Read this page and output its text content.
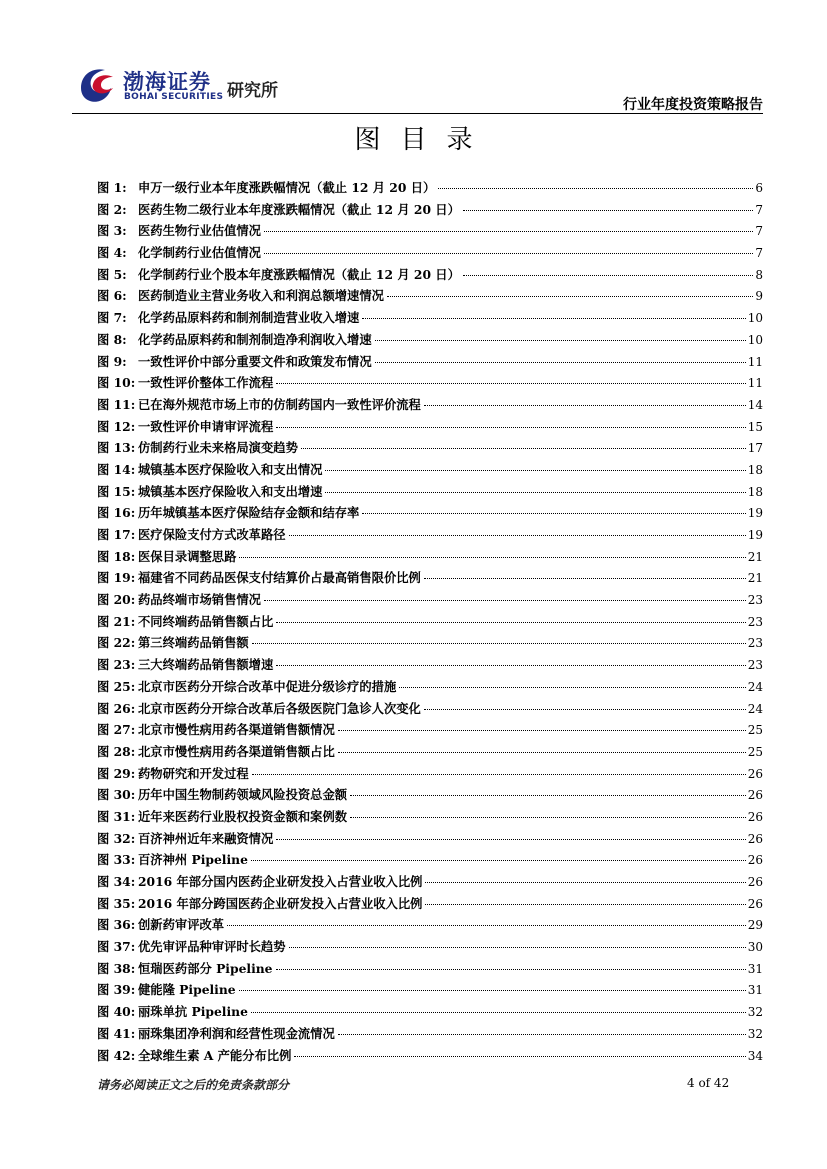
渤海证券
BOHAI SECURITIES 研究所
行业年度投资策略报告
图目录
图 1: 申万一级行业本年度涨跌幅情况（截止 12 月 20 日）	6
图 2: 医药生物二级行业本年度涨跌幅情况（截止 12 月 20 日）	7
图 3: 医药生物行业估值情况	7
图 4: 化学制药行业估值情况	7
图 5: 化学制药行业个股本年度涨跌幅情况（截止 12 月 20 日）	8
图 6: 医药制造业主营业务收入和利润总额增速情况	9
图 7: 化学药品原料药和制剂制造营业收入增速	10
图 8: 化学药品原料药和制剂制造净利润收入增速	10
图 9: 一致性评价中部分重要文件和政策发布情况	11
图 10: 一致性评价整体工作流程	11
图 11: 已在海外规范市场上市的仿制药国内一致性评价流程	14
图 12: 一致性评价申请审评流程	15
图 13: 仿制药行业未来格局演变趋势	17
图 14: 城镇基本医疗保险收入和支出情况	18
图 15: 城镇基本医疗保险收入和支出增速	18
图 16: 历年城镇基本医疗保险结存金额和结存率	19
图 17: 医疗保险支付方式改革路径	19
图 18: 医保目录调整思路	21
图 19: 福建省不同药品医保支付结算价占最高销售限价比例	21
图 20: 药品终端市场销售情况	23
图 21: 不同终端药品销售额占比	23
图 22: 第三终端药品销售额	23
图 23: 三大终端药品销售额增速	23
图 25: 北京市医药分开综合改革中促进分级诊疗的措施	24
图 26: 北京市医药分开综合改革后各级医院门急诊人次变化	24
图 27: 北京市慢性病用药各渠道销售额情况	25
图 28: 北京市慢性病用药各渠道销售额占比	25
图 29: 药物研究和开发过程	26
图 30: 历年中国生物制药领域风险投资总金额	26
图 31: 近年来医药行业股权投资金额和案例数	26
图 32: 百济神州近年来融资情况	26
图 33: 百济神州 Pipeline	26
图 34: 2016 年部分国内医药企业研发投入占营业收入比例	26
图 35: 2016 年部分跨国医药企业研发投入占营业收入比例	26
图 36: 创新药审评改革	29
图 37: 优先审评品种审评时长趋势	30
图 38: 恒瑞医药部分 Pipeline	31
图 39: 健能隆 Pipeline	31
图 40: 丽珠单抗 Pipeline	32
图 41: 丽珠集团净利润和经营性现金流情况	32
图 42: 全球维生素 A 产能分布比例	34
请务必阅读正文之后的免责条款部分	4 of 42
